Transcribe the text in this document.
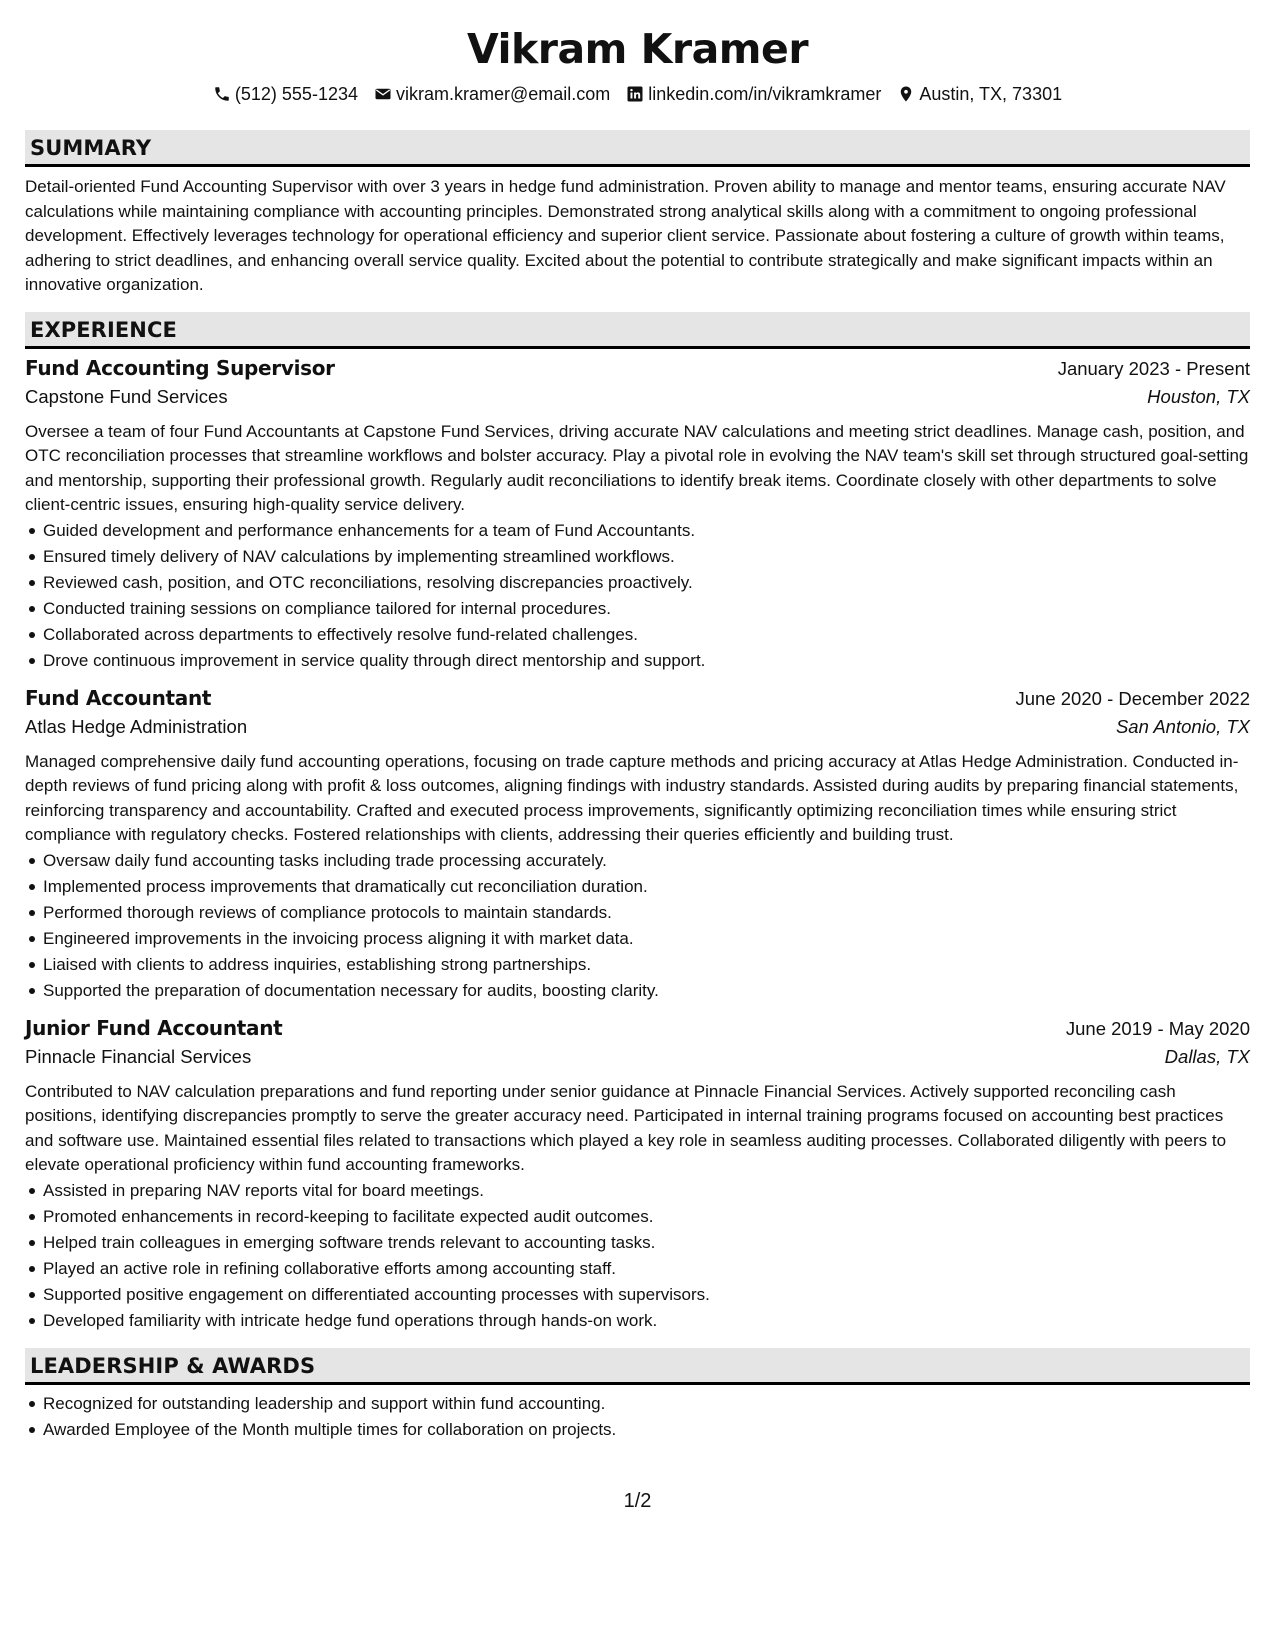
Vikram Kramer
(512) 555-1234 vikram.kramer@email.com linkedin.com/in/vikramkramer Austin, TX, 73301
SUMMARY

Detail-oriented Fund Accounting Supervisor with over 3 years in hedge fund administration. Proven ability to manage and mentor teams, ensuring accurate NAV calculations while maintaining compliance with accounting principles. Demonstrated strong analytical skills along with a commitment to ongoing professional development. Effectively leverages technology for operational efficiency and superior client service. Passionate about fostering a culture of growth within teams, adhering to strict deadlines, and enhancing overall service quality. Excited about the potential to contribute strategically and make significant impacts within an innovative organization.

EXPERIENCE
Fund Accounting Supervisor	January 2023 - Present
Capstone Fund Services	Houston, TX

Oversee a team of four Fund Accountants at Capstone Fund Services, driving accurate NAV calculations and meeting strict deadlines. Manage cash, position, and OTC reconciliation processes that streamline workflows and bolster accuracy. Play a pivotal role in evolving the NAV team's skill set through structured goal-setting and mentorship, supporting their professional growth. Regularly audit reconciliations to identify break items. Coordinate closely with other departments to solve client-centric issues, ensuring high-quality service delivery.

Guided development and performance enhancements for a team of Fund Accountants.
Ensured timely delivery of NAV calculations by implementing streamlined workflows.
Reviewed cash, position, and OTC reconciliations, resolving discrepancies proactively.
Conducted training sessions on compliance tailored for internal procedures.
Collaborated across departments to effectively resolve fund-related challenges.
Drove continuous improvement in service quality through direct mentorship and support.
Fund Accountant	June 2020 - December 2022
Atlas Hedge Administration	San Antonio, TX

Managed comprehensive daily fund accounting operations, focusing on trade capture methods and pricing accuracy at Atlas Hedge Administration. Conducted in-depth reviews of fund pricing along with profit & loss outcomes, aligning findings with industry standards. Assisted during audits by preparing financial statements, reinforcing transparency and accountability. Crafted and executed process improvements, significantly optimizing reconciliation times while ensuring strict compliance with regulatory checks. Fostered relationships with clients, addressing their queries efficiently and building trust.

Oversaw daily fund accounting tasks including trade processing accurately.
Implemented process improvements that dramatically cut reconciliation duration.
Performed thorough reviews of compliance protocols to maintain standards.
Engineered improvements in the invoicing process aligning it with market data.
Liaised with clients to address inquiries, establishing strong partnerships.
Supported the preparation of documentation necessary for audits, boosting clarity.
Junior Fund Accountant	June 2019 - May 2020
Pinnacle Financial Services	Dallas, TX

Contributed to NAV calculation preparations and fund reporting under senior guidance at Pinnacle Financial Services. Actively supported reconciling cash positions, identifying discrepancies promptly to serve the greater accuracy need. Participated in internal training programs focused on accounting best practices and software use. Maintained essential files related to transactions which played a key role in seamless auditing processes. Collaborated diligently with peers to elevate operational proficiency within fund accounting frameworks.

Assisted in preparing NAV reports vital for board meetings.
Promoted enhancements in record-keeping to facilitate expected audit outcomes.
Helped train colleagues in emerging software trends relevant to accounting tasks.
Played an active role in refining collaborative efforts among accounting staff.
Supported positive engagement on differentiated accounting processes with supervisors.
Developed familiarity with intricate hedge fund operations through hands-on work.
LEADERSHIP & AWARDS
Recognized for outstanding leadership and support within fund accounting.
Awarded Employee of the Month multiple times for collaboration on projects.
1/2
